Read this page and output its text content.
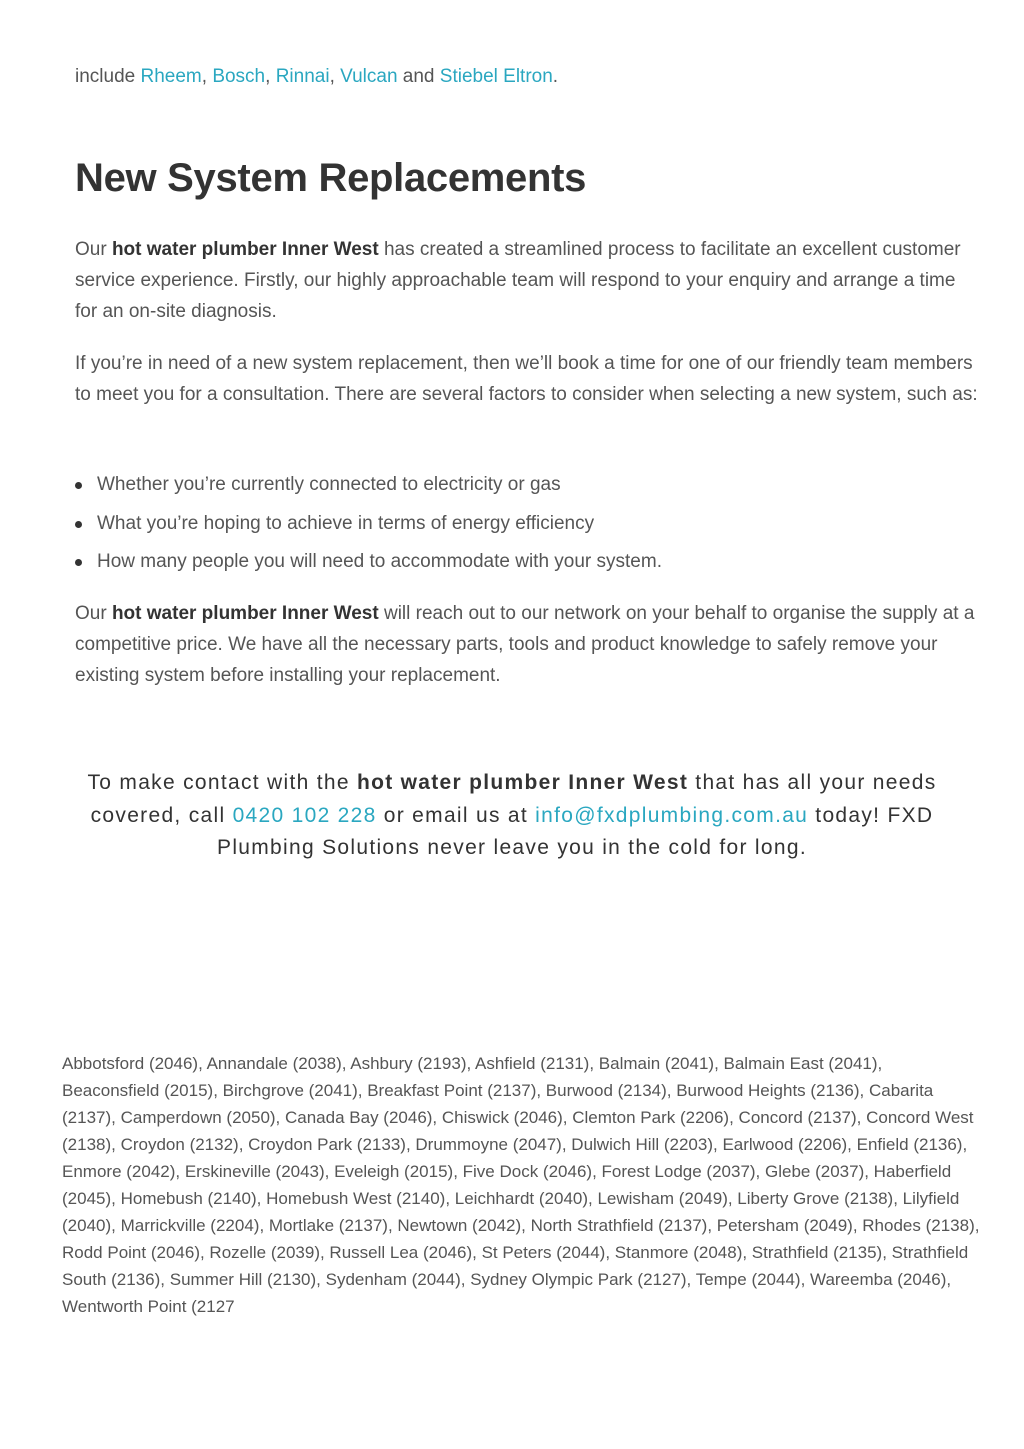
include Rheem, Bosch, Rinnai, Vulcan and Stiebel Eltron.

New System Replacements

Our hot water plumber Inner West has created a streamlined process to facilitate an excellent customer service experience. Firstly, our highly approachable team will respond to your enquiry and arrange a time for an on-site diagnosis.

If you’re in need of a new system replacement, then we’ll book a time for one of our friendly team members to meet you for a consultation. There are several factors to consider when selecting a new system, such as:

Whether you’re currently connected to electricity or gas
What you’re hoping to achieve in terms of energy efficiency
How many people you will need to accommodate with your system.

Our hot water plumber Inner West will reach out to our network on your behalf to organise the supply at a competitive price. We have all the necessary parts, tools and product knowledge to safely remove your existing system before installing your replacement.

To make contact with the hot water plumber Inner West that has all your needs covered, call 0420 102 228 or email us at info@fxdplumbing.com.au today! FXD Plumbing Solutions never leave you in the cold for long.

Abbotsford (2046), Annandale (2038), Ashbury (2193), Ashfield (2131), Balmain (2041), Balmain East (2041), Beaconsfield (2015), Birchgrove (2041), Breakfast Point (2137), Burwood (2134), Burwood Heights (2136), Cabarita (2137), Camperdown (2050), Canada Bay (2046), Chiswick (2046), Clemton Park (2206), Concord (2137), Concord West (2138), Croydon (2132), Croydon Park (2133), Drummoyne (2047), Dulwich Hill (2203), Earlwood (2206), Enfield (2136), Enmore (2042), Erskineville (2043), Eveleigh (2015), Five Dock (2046), Forest Lodge (2037), Glebe (2037), Haberfield (2045), Homebush (2140), Homebush West (2140), Leichhardt (2040), Lewisham (2049), Liberty Grove (2138), Lilyfield (2040), Marrickville (2204), Mortlake (2137), Newtown (2042), North Strathfield (2137), Petersham (2049), Rhodes (2138), Rodd Point (2046), Rozelle (2039), Russell Lea (2046), St Peters (2044), Stanmore (2048), Strathfield (2135), Strathfield South (2136), Summer Hill (2130), Sydenham (2044), Sydney Olympic Park (2127), Tempe (2044), Wareemba (2046), Wentworth Point (2127
